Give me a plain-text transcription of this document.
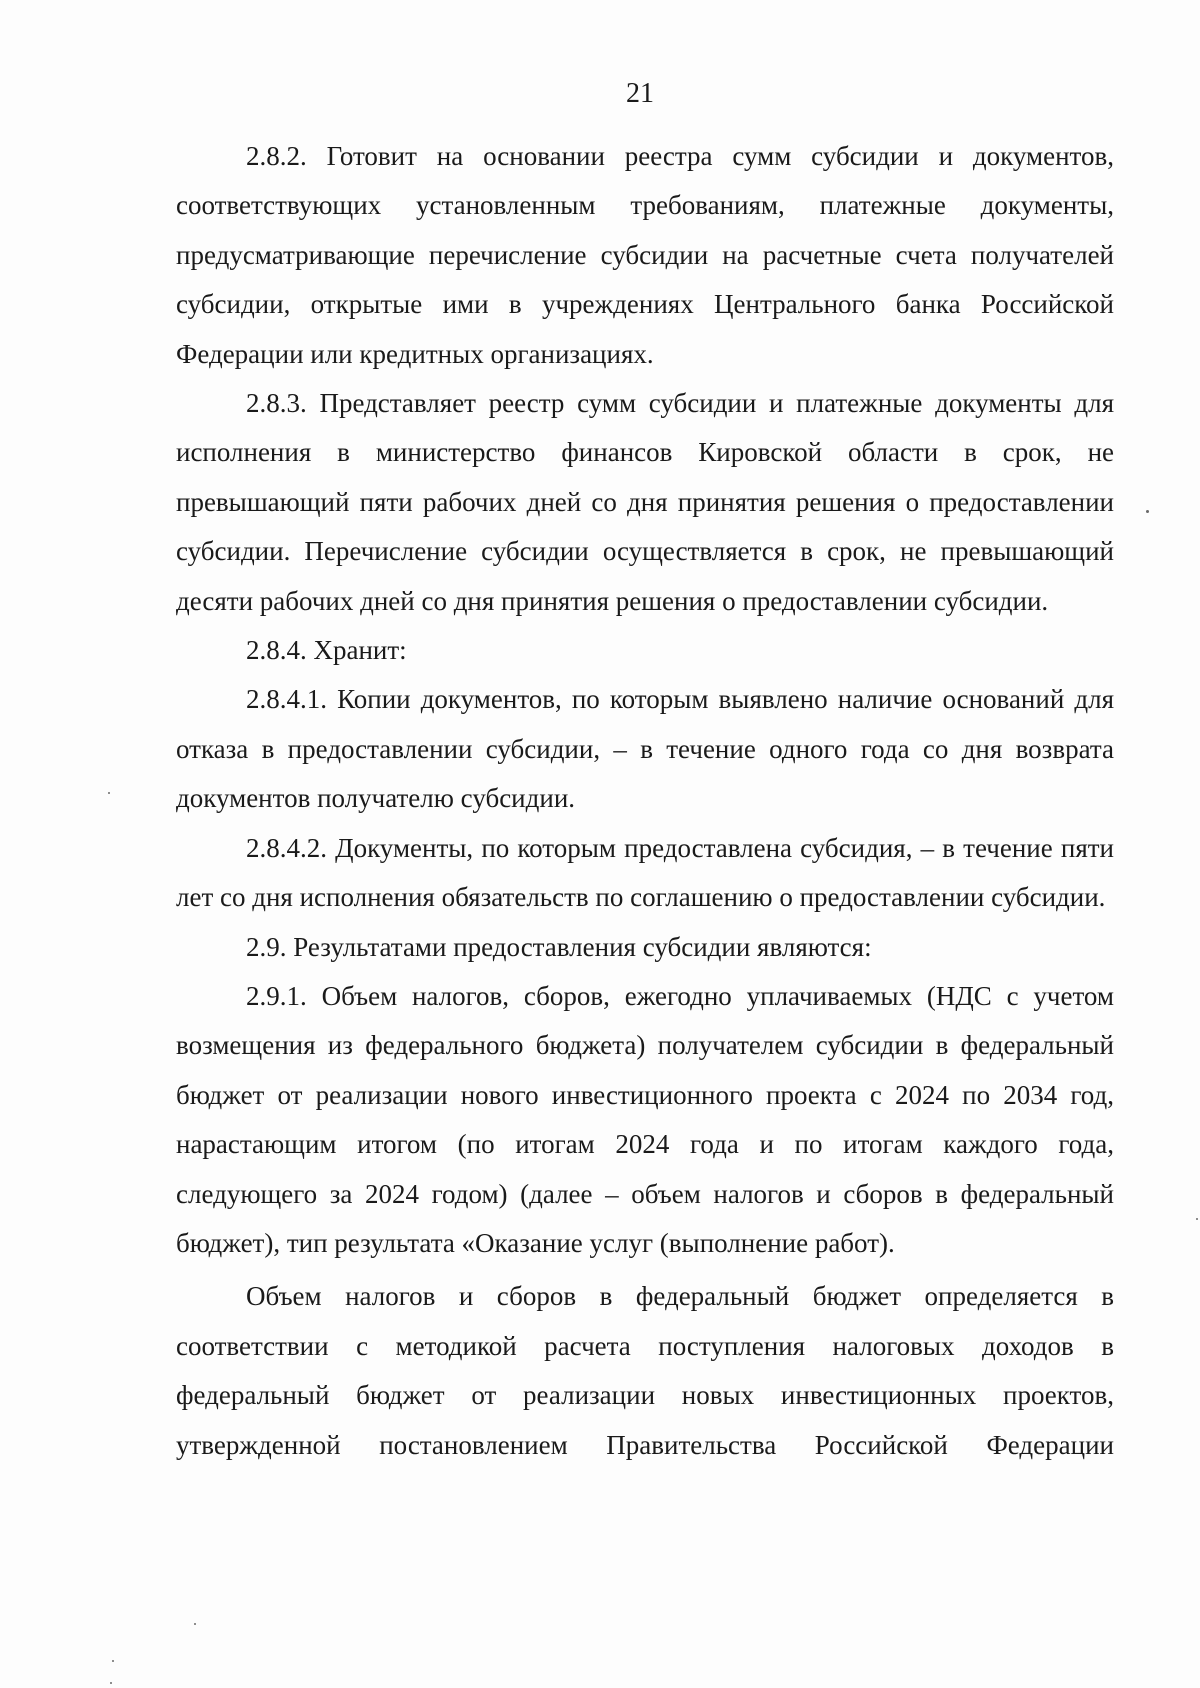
21

2.8.2. Готовит на основании реестра сумм субсидии и документов, соответствующих установленным требованиям, платежные документы, предусматривающие перечисление субсидии на расчетные счета получателей субсидии, открытые ими в учреждениях Центрального банка Российской Федерации или кредитных организациях.

2.8.3. Представляет реестр сумм субсидии и платежные документы для исполнения в министерство финансов Кировской области в срок, не превышающий пяти рабочих дней со дня принятия решения о предоставлении субсидии. Перечисление субсидии осуществляется в срок, не превышающий десяти рабочих дней со дня принятия решения о предоставлении субсидии.

2.8.4. Хранит:

2.8.4.1. Копии документов, по которым выявлено наличие оснований для отказа в предоставлении субсидии, – в течение одного года со дня возврата документов получателю субсидии.

2.8.4.2. Документы, по которым предоставлена субсидия, – в течение пяти лет со дня исполнения обязательств по соглашению о предоставлении субсидии.

2.9. Результатами предоставления субсидии являются:

2.9.1. Объем налогов, сборов, ежегодно уплачиваемых (НДС с учетом возмещения из федерального бюджета) получателем субсидии в федеральный бюджет от реализации нового инвестиционного проекта с 2024 по 2034 год, нарастающим итогом (по итогам 2024 года и по итогам каждого года, следующего за 2024 годом) (далее – объем налогов и сборов в федеральный бюджет), тип результата «Оказание услуг (выполнение работ).

Объем налогов и сборов в федеральный бюджет определяется в соответствии с методикой расчета поступления налоговых доходов в федеральный бюджет от реализации новых инвестиционных проектов, утвержденной постановлением Правительства Российской Федерации
